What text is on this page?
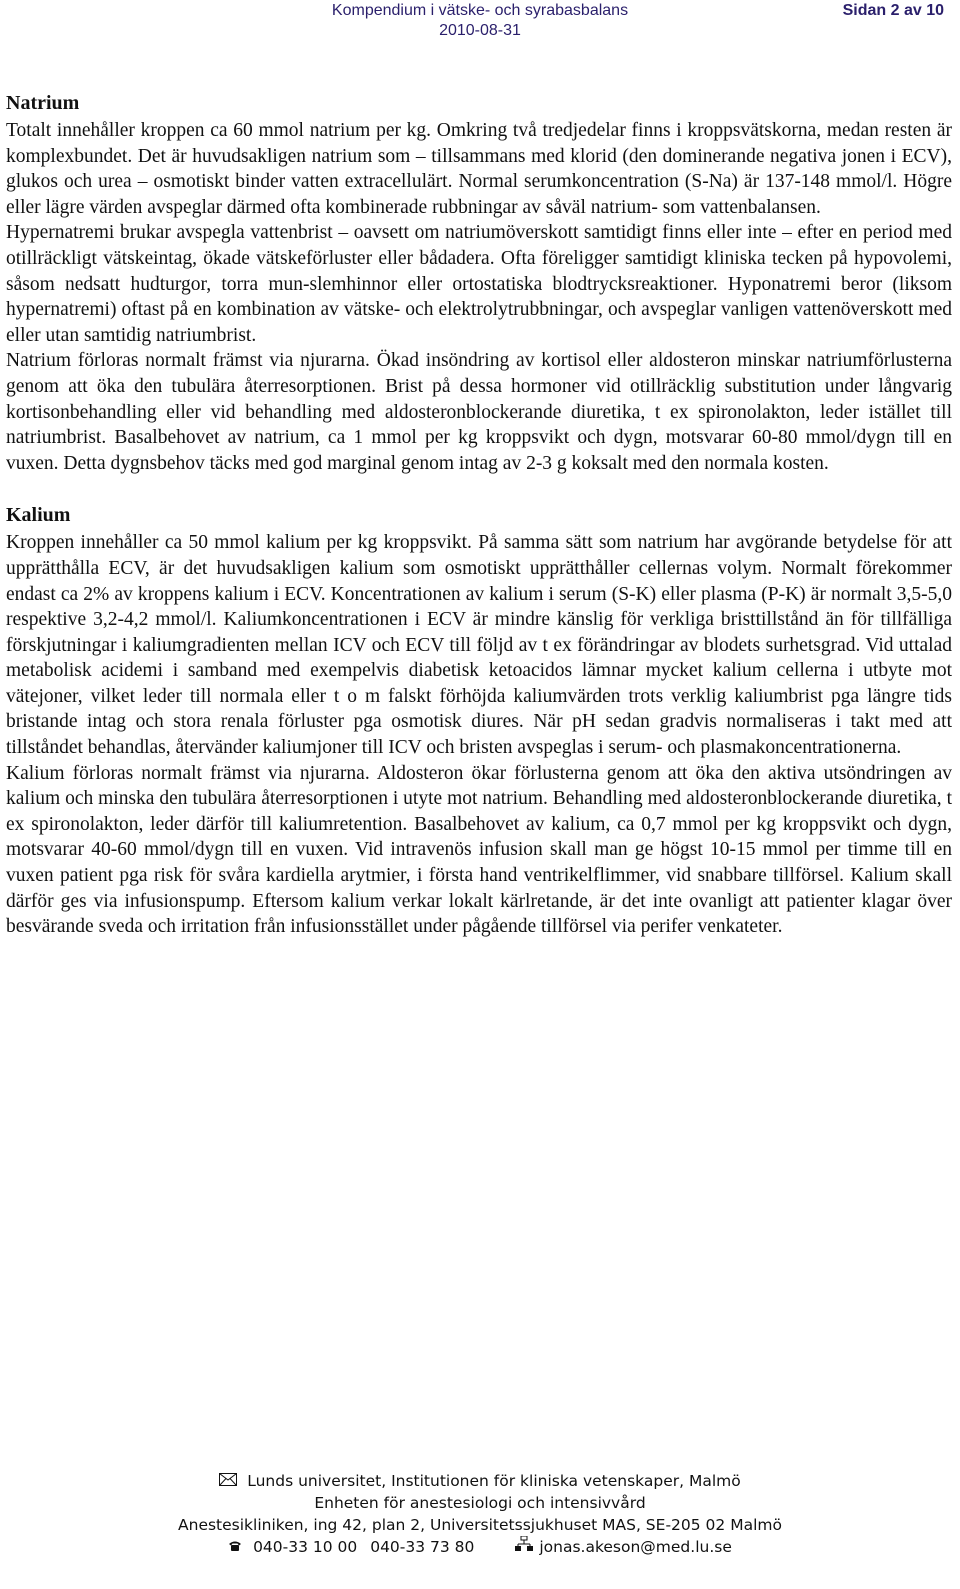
Kompendium i vätske- och syrabasbalans	Sidan 2 av 10
2010-08-31
Natrium

Totalt innehåller kroppen ca 60 mmol natrium per kg. Omkring två tredjedelar finns i kroppsvätskorna, medan resten är komplexbundet. Det är huvudsakligen natrium som – tillsammans med klorid (den dominerande negativa jonen i ECV), glukos och urea – osmotiskt binder vatten extracellulärt. Normal serumkoncentration (S-Na) är 137-148 mmol/l. Högre eller lägre värden avspeglar därmed ofta kombinerade rubbningar av såväl natrium- som vattenbalansen.

Hypernatremi brukar avspegla vattenbrist – oavsett om natriumöverskott samtidigt finns eller inte – efter en period med otillräckligt vätskeintag, ökade vätskeförluster eller bådadera. Ofta föreligger samtidigt kliniska tecken på hypovolemi, såsom nedsatt hudturgor, torra mun-slemhinnor eller ortostatiska blodtrycksreaktioner. Hyponatremi beror (liksom hypernatremi) oftast på en kombination av vätske- och elektrolytrubbningar, och avspeglar vanligen vattenöverskott med eller utan samtidig natriumbrist.

Natrium förloras normalt främst via njurarna. Ökad insöndring av kortisol eller aldosteron minskar natriumförlusterna genom att öka den tubulära återresorptionen. Brist på dessa hormoner vid otillräcklig substitution under långvarig kortisonbehandling eller vid behandling med aldosteronblockerande diuretika, t ex spironolakton, leder istället till natriumbrist. Basalbehovet av natrium, ca 1 mmol per kg kroppsvikt och dygn, motsvarar 60-80 mmol/dygn till en vuxen. Detta dygnsbehov täcks med god marginal genom intag av 2-3 g koksalt med den normala kosten.

Kalium

Kroppen innehåller ca 50 mmol kalium per kg kroppsvikt. På samma sätt som natrium har avgörande betydelse för att upprätthålla ECV, är det huvudsakligen kalium som osmotiskt upprätthåller cellernas volym. Normalt förekommer endast ca 2% av kroppens kalium i ECV. Koncentrationen av kalium i serum (S-K) eller plasma (P-K) är normalt 3,5-5,0 respektive 3,2-4,2 mmol/l. Kaliumkoncentrationen i ECV är mindre känslig för verkliga bristtillstånd än för tillfälliga förskjutningar i kaliumgradienten mellan ICV och ECV till följd av t ex förändringar av blodets surhetsgrad. Vid uttalad metabolisk acidemi i samband med exempelvis diabetisk ketoacidos lämnar mycket kalium cellerna i utbyte mot vätejoner, vilket leder till normala eller t o m falskt förhöjda kaliumvärden trots verklig kaliumbrist pga längre tids bristande intag och stora renala förluster pga osmotisk diures. När pH sedan gradvis normaliseras i takt med att tillståndet behandlas, återvänder kaliumjoner till ICV och bristen avspeglas i serum- och plasmakoncentrationerna.

Kalium förloras normalt främst via njurarna. Aldosteron ökar förlusterna genom att öka den aktiva utsöndringen av kalium och minska den tubulära återresorptionen i utyte mot natrium. Behandling med aldosteronblockerande diuretika, t ex spironolakton, leder därför till kaliumretention. Basalbehovet av kalium, ca 0,7 mmol per kg kroppsvikt och dygn, motsvarar 40-60 mmol/dygn till en vuxen. Vid intravenös infusion skall man ge högst 10-15 mmol per timme till en vuxen patient pga risk för svåra kardiella arytmier, i första hand ventrikelflimmer, vid snabbare tillförsel. Kalium skall därför ges via infusionspump. Eftersom kalium verkar lokalt kärlretande, är det inte ovanligt att patienter klagar över besvärande sveda och irritation från infusionsstället under pågående tillförsel via perifer venkateter.

Lunds universitet, Institutionen för kliniska vetenskaper, Malmö
Enheten för anestesiologi och intensivvård
Anestesikliniken, ing 42, plan 2, Universitetssjukhuset MAS, SE-205 02 Malmö
040-33 10 00 040-33 73 80	jonas.akeson@med.lu.se
